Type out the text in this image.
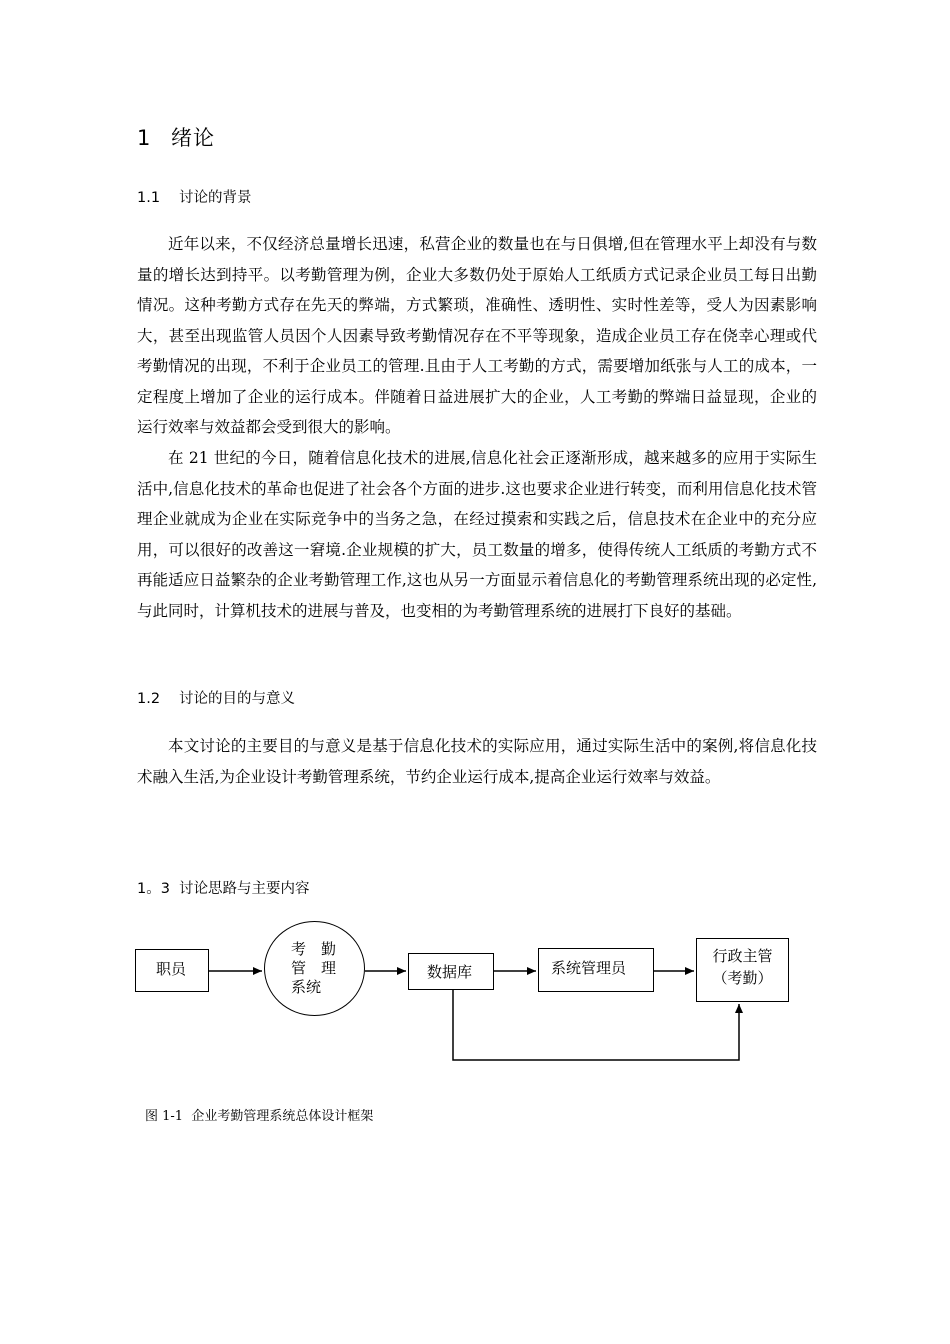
1 绪论
1.1 讨论的背景

近年以来，不仅经济总量增长迅速，私营企业的数量也在与日俱增,但在管理水平上却没有与数量的增长达到持平。以考勤管理为例，企业大多数仍处于原始人工纸质方式记录企业员工每日出勤情况。这种考勤方式存在先天的弊端，方式繁琐，准确性、透明性、实时性差等，受人为因素影响大，甚至出现监管人员因个人因素导致考勤情况存在不平等现象，造成企业员工存在侥幸心理或代考勤情况的出现，不利于企业员工的管理.且由于人工考勤的方式，需要增加纸张与人工的成本，一定程度上增加了企业的运行成本。伴随着日益进展扩大的企业，人工考勤的弊端日益显现，企业的运行效率与效益都会受到很大的影响。

在 21 世纪的今日，随着信息化技术的进展,信息化社会正逐渐形成，越来越多的应用于实际生活中,信息化技术的革命也促进了社会各个方面的进步.这也要求企业进行转变，而利用信息化技术管理企业就成为企业在实际竞争中的当务之急，在经过摸索和实践之后，信息技术在企业中的充分应用，可以很好的改善这一窘境.企业规模的扩大，员工数量的增多，使得传统人工纸质的考勤方式不再能适应日益繁杂的企业考勤管理工作,这也从另一方面显示着信息化的考勤管理系统出现的必定性,与此同时，计算机技术的进展与普及，也变相的为考勤管理系统的进展打下良好的基础。

1.2 讨论的目的与意义

本文讨论的主要目的与意义是基于信息化技术的实际应用，通过实际生活中的案例,将信息化技术融入生活,为企业设计考勤管理系统，节约企业运行成本,提高企业运行效率与效益。

1。3 讨论思路与主要内容
职员
考　勤
管　理
系统
数据库	系统管理员
行政主管
（考勤）
图 1-1 企业考勤管理系统总体设计框架
